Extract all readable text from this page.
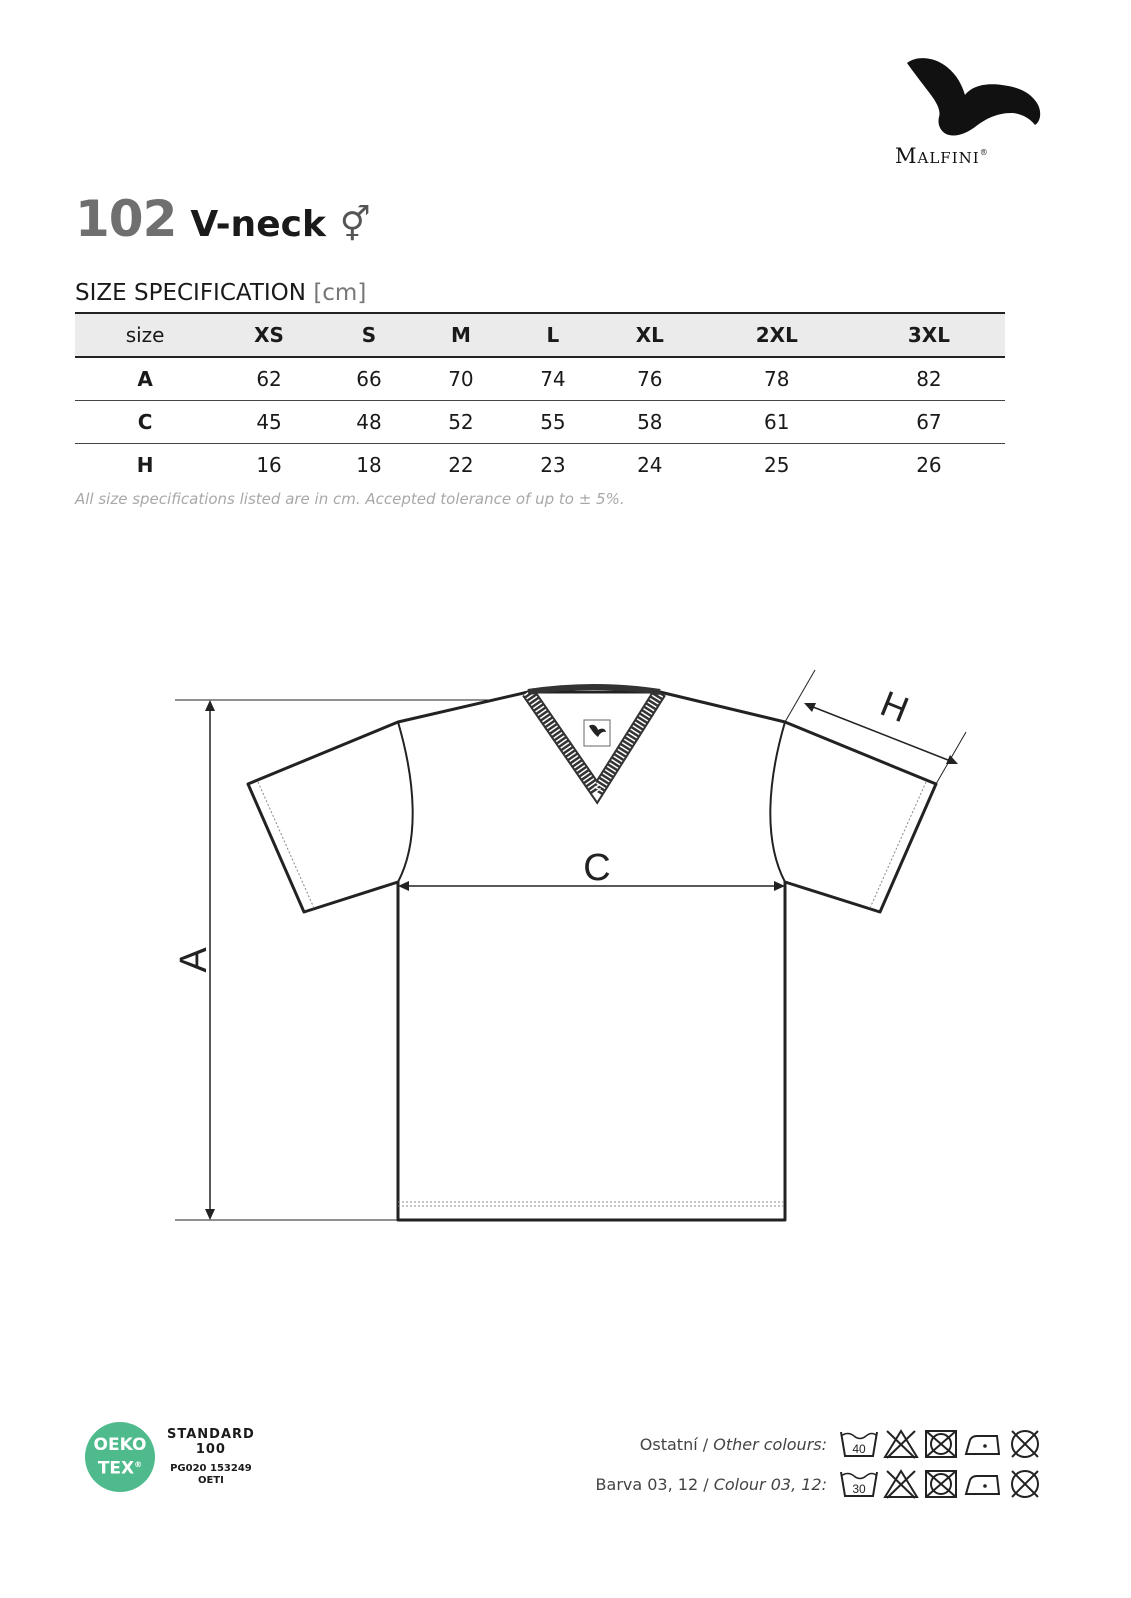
Malfini®
102 V-neck ⚥
SIZE SPECIFICATION [cm]
size	XS	S	M	L	XL	2XL	3XL
A	62	66	70	74	76	78	82
C	45	48	52	55	58	61	67
H	16	18	22	23	24	25	26
All size specifications listed are in cm. Accepted tolerance of up to ± 5%.
A
C
H
OEKO
TEX®
STANDARD
100
PG020 153249
OETI
Ostatní / Other colours: 40
Barva 03, 12 / Colour 03, 12: 30
